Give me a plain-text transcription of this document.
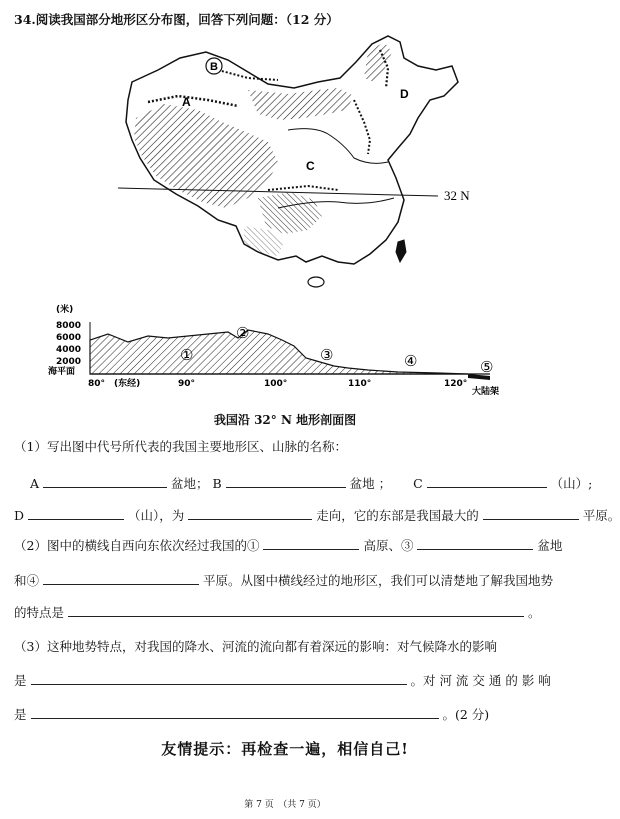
34.阅读我国部分地形区分布图，回答下列问题：（12 分）
B
A
C
D
32 N
(米)
8000
6000
4000
2000
海平面
80° (东经)	90°	100°	110°	120°
大陆架
①
②
③	④	⑤
我国沿 32° N 地形剖面图
（1）写出图中代号所代表的我国主要地形区、山脉的名称：
A	盆地； B	盆地 ； C	（山）;
D	（山），为	走向，它的东部是我国最大的	平原。
（2）图中的横线自西向东依次经过我国的①	高原、③	盆地
和④	平原。从图中横线经过的地形区，我们可以清楚地了解我国地势
的特点是	。
（3）这种地势特点，对我国的降水、河流的流向都有着深远的影响：对气候降水的影响
是	。对 河 流 交 通 的 影 响
是	。(2 分)
友情提示：再检查一遍，相信自己!
第 7 页　（共 7 页）
